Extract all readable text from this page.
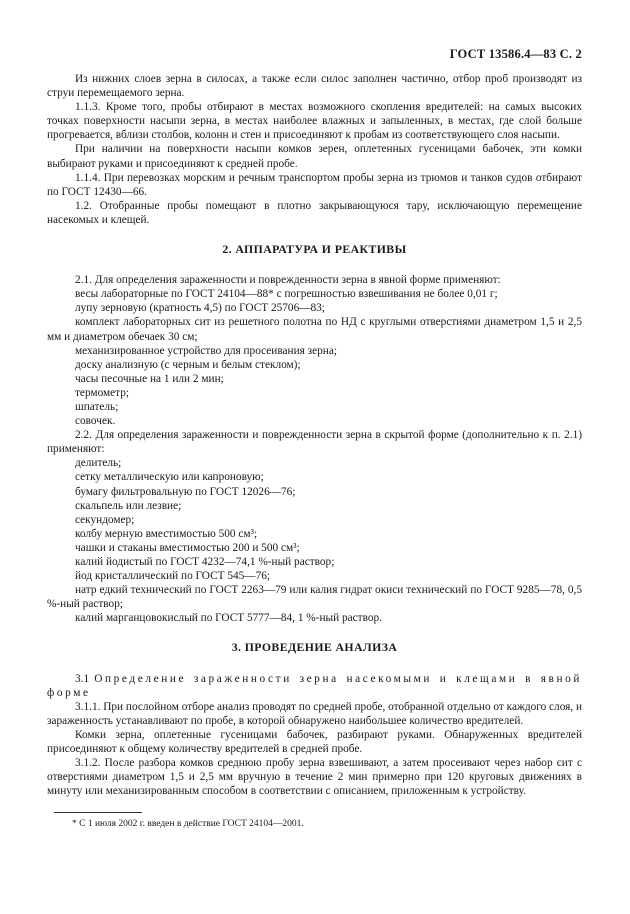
ГОСТ 13586.4—83 С. 2

Из нижних слоев зерна в силосах, а также если силос заполнен частично, отбор проб производят из струи перемещаемого зерна.

1.1.3. Кроме того, пробы отбирают в местах возможного скопления вредителей: на самых высоких точках поверхности насыпи зерна, в местах наиболее влажных и запыленных, в местах, где слой больше прогревается, вблизи столбов, колонн и стен и присоединяют к пробам из соответствующего слоя насыпи.

При наличии на поверхности насыпи комков зерен, оплетенных гусеницами бабочек, эти комки выбирают руками и присоединяют к средней пробе.

1.1.4. При перевозках морским и речным транспортом пробы зерна из трюмов и танков судов отбирают по ГОСТ 12430—66.

1.2. Отобранные пробы помещают в плотно закрывающуюся тару, исключающую перемещение насекомых и клещей.

2. АППАРАТУРА И РЕАКТИВЫ

2.1. Для определения зараженности и поврежденности зерна в явной форме применяют:

весы лабораторные по ГОСТ 24104—88* с погрешностью взвешивания не более 0,01 г;

лупу зерновую (кратность 4,5) по ГОСТ 25706—83;

комплект лабораторных сит из решетного полотна по НД с круглыми отверстиями диаметром 1,5 и 2,5 мм и диаметром обечаек 30 см;

механизированное устройство для просеивания зерна;

доску анализную (с черным и белым стеклом);

часы песочные на 1 или 2 мин;

термометр;

шпатель;

совочек.

2.2. Для определения зараженности и поврежденности зерна в скрытой форме (дополнительно к п. 2.1) применяют:

делитель;

сетку металлическую или капроновую;

бумагу фильтровальную по ГОСТ 12026—76;

скальпель или лезвие;

секундомер;

колбу мерную вместимостью 500 см³;

чашки и стаканы вместимостью 200 и 500 см³;

калий йодистый по ГОСТ 4232—74,1 %-ный раствор;

йод кристаллический по ГОСТ 545—76;

натр едкий технический по ГОСТ 2263—79 или калия гидрат окиси технический по ГОСТ 9285—78, 0,5 %-ный раствор;

калий марганцовокислый по ГОСТ 5777—84, 1 %-ный раствор.

3. ПРОВЕДЕНИЕ АНАЛИЗА

3.1 Определение зараженности зерна насекомыми и клещами в явной форме

3.1.1. При послойном отборе анализ проводят по средней пробе, отобранной отдельно от каждого слоя, и зараженность устанавливают по пробе, в которой обнаружено наибольшее количество вредителей.

Комки зерна, оплетенные гусеницами бабочек, разбирают руками. Обнаруженных вредителей присоединяют к общему количеству вредителей в средней пробе.

3.1.2. После разбора комков среднюю пробу зерна взвешивают, а затем просеивают через набор сит с отверстиями диаметром 1,5 и 2,5 мм вручную в течение 2 мин примерно при 120 круговых движениях в минуту или механизированным способом в соответствии с описанием, приложенным к устройству.

* С 1 июля 2002 г. введен в действие ГОСТ 24104—2001.
